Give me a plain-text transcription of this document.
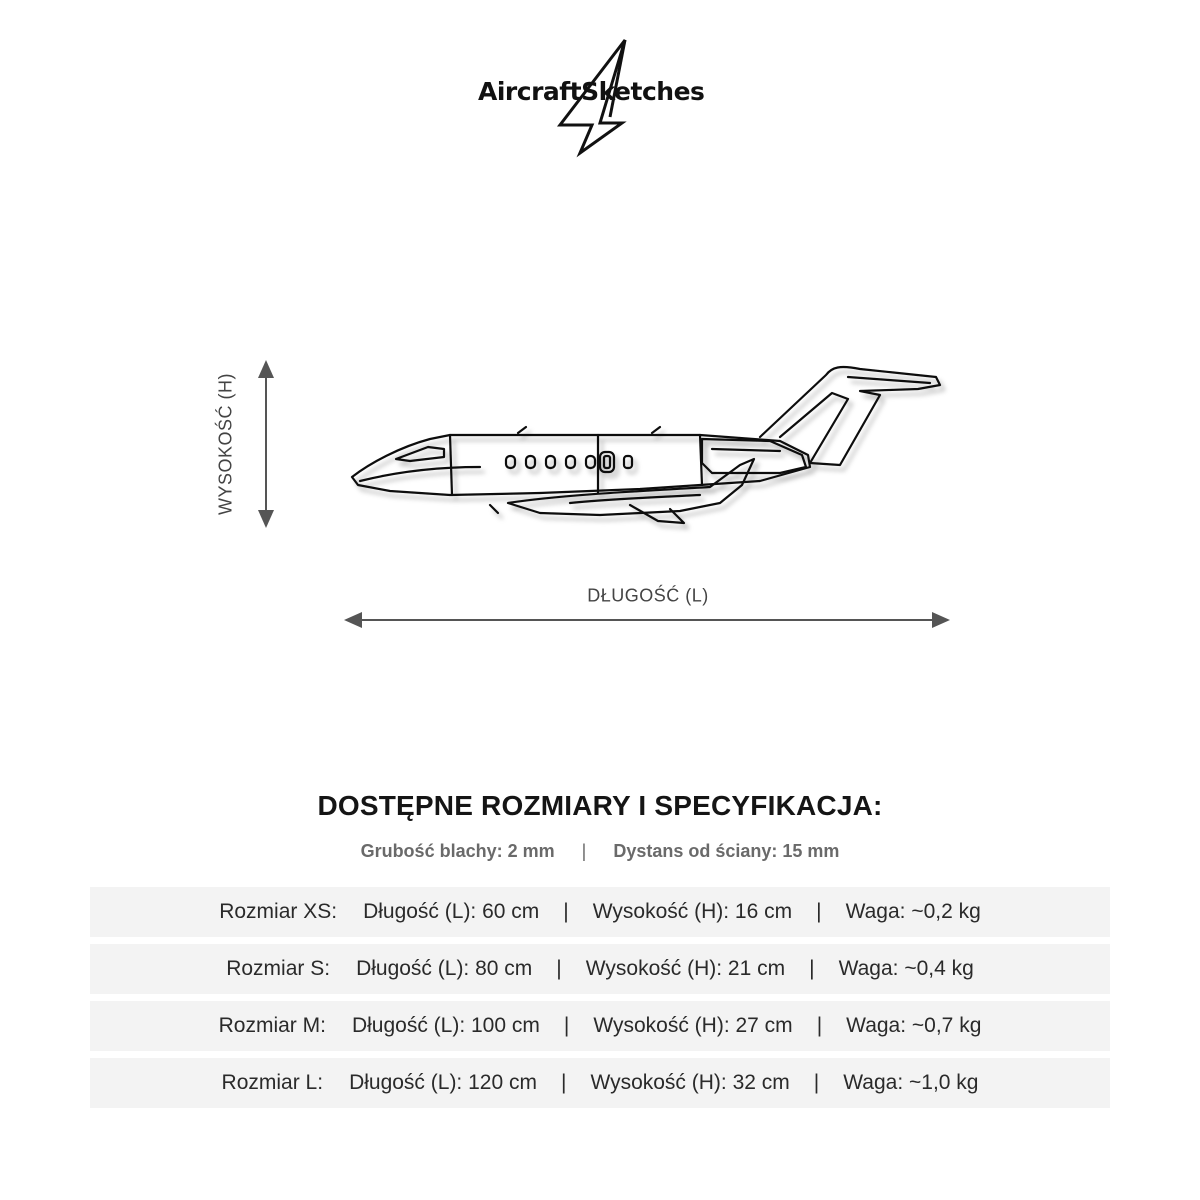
AircraftSketches
WYSOKOŚĆ (H)
DŁUGOŚĆ (L)
DOSTĘPNE ROZMIARY I SPECYFIKACJA:
Grubość blachy: 2 mm | Dystans od ściany: 15 mm
Rozmiar XS: Długość (L): 60 cm | Wysokość (H): 16 cm | Waga: ~0,2 kg
Rozmiar S: Długość (L): 80 cm | Wysokość (H): 21 cm | Waga: ~0,4 kg
Rozmiar M: Długość (L): 100 cm | Wysokość (H): 27 cm | Waga: ~0,7 kg
Rozmiar L: Długość (L): 120 cm | Wysokość (H): 32 cm | Waga: ~1,0 kg
